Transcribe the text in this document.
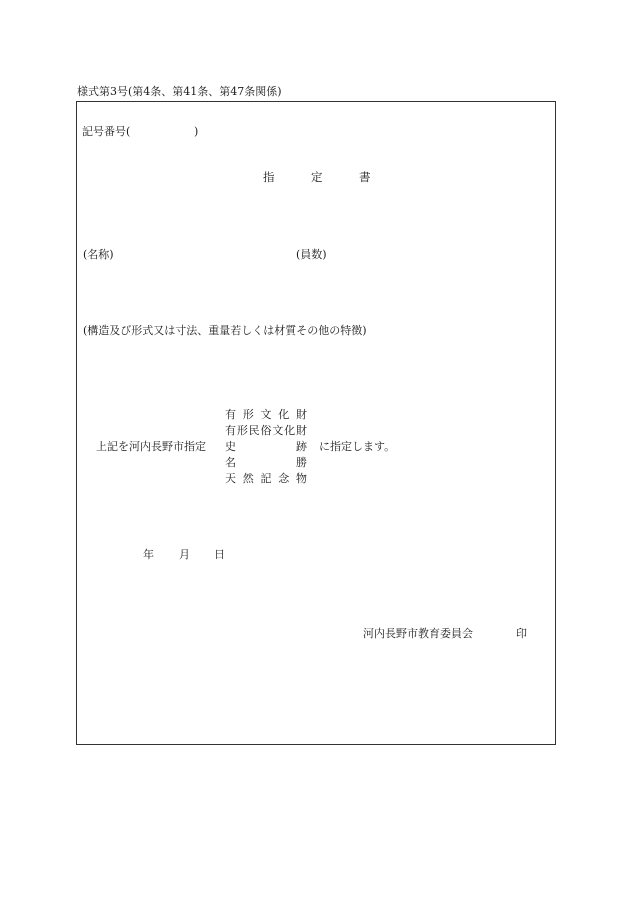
様式第3号(第4条、第41条、第47条関係)
記号番号(	)
指	定	書
(名称)	(員数)
(構造及び形式又は寸法、重量若しくは材質その他の特徴)
上記を河内長野市指定
有 形 文 化 財
有 形 民 俗 文 化 財
史	跡
名	勝
天 然 記 念 物
に指定します。
年 月 日
河内長野市教育委員会	印
